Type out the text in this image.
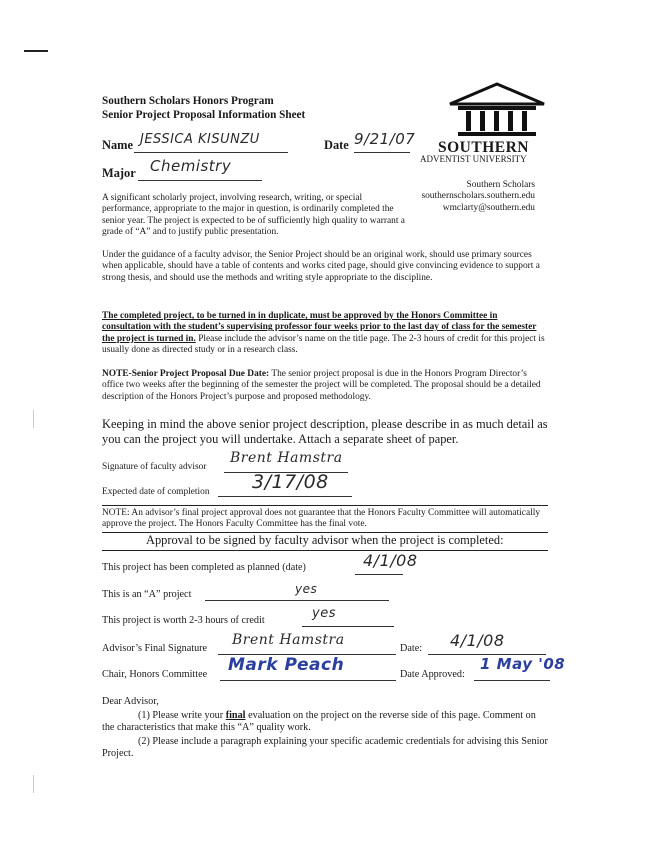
Southern Scholars Honors Program
Senior Project Proposal Information Sheet
Name JESSICA KISUNZU	Date 9/21/07
Major Chemistry
SOUTHERN
ADVENTIST UNIVERSITY
Southern Scholars
southernscholars.southern.edu
wmclarty@southern.edu
A significant scholarly project, involving research, writing, or special performance, appropriate to the major in question, is ordinarily completed the senior year. The project is expected to be of sufficiently high quality to warrant a grade of “A” and to justify public presentation.
Under the guidance of a faculty advisor, the Senior Project should be an original work, should use primary sources when applicable, should have a table of contents and works cited page, should give convincing evidence to support a strong thesis, and should use the methods and writing style appropriate to the discipline.
The completed project, to be turned in in duplicate, must be approved by the Honors Committee in consultation with the student’s supervising professor four weeks prior to the last day of class for the semester the project is turned in. Please include the advisor’s name on the title page. The 2-3 hours of credit for this project is usually done as directed study or in a research class.
NOTE-Senior Project Proposal Due Date: The senior project proposal is due in the Honors Program Director’s office two weeks after the beginning of the semester the project will be completed. The proposal should be a detailed description of the Honors Project’s purpose and proposed methodology.
Keeping in mind the above senior project description, please describe in as much detail as you can the project you will undertake. Attach a separate sheet of paper.
Signature of faculty advisor
Brent Hamstra
Expected date of completion 3/17/08
NOTE: An advisor’s final project approval does not guarantee that the Honors Faculty Committee will automatically approve the project. The Honors Faculty Committee has the final vote.
Approval to be signed by faculty advisor when the project is completed:
This project has been completed as planned (date)	4/1/08
This is an “A” project	yes
This project is worth 2-3 hours of credit	yes
Advisor’s Final Signature
Brent Hamstra
Date: 4/1/08
Chair, Honors Committee Mark Peach	Date Approved:
1 May '08
Dear Advisor,
(1) Please write your final evaluation on the project on the reverse side of this page. Comment on the characteristics that make this “A” quality work.
(2) Please include a paragraph explaining your specific academic credentials for advising this Senior Project.
